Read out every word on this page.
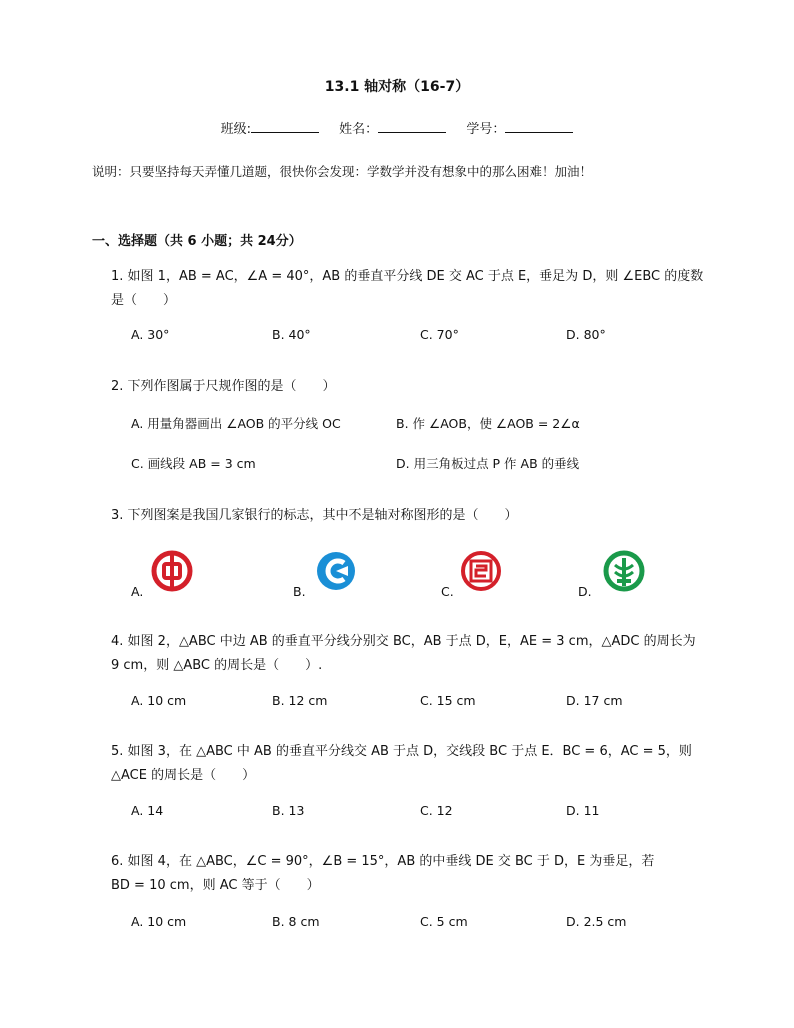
13.1 轴对称（16-7）
班级:	姓名：	学号：
说明：只要坚持每天弄懂几道题，很快你会发现：学数学并没有想象中的那么困难！加油！
一、选择题（共 6 小题；共 24分）
1. 如图 1，AB = AC，∠A = 40°，AB 的垂直平分线 DE 交 AC 于点 E，垂足为 D，则 ∠EBC 的度数
是（　　）
A. 30°	B. 40°	C. 70°	D. 80°
2. 下列作图属于尺规作图的是（　　）
A. 用量角器画出 ∠AOB 的平分线 OC	B. 作 ∠AOB，使 ∠AOB = 2∠α
C. 画线段 AB = 3 cm	D. 用三角板过点 P 作 AB 的垂线
3. 下列图案是我国几家银行的标志，其中不是轴对称图形的是（　　）
A.	B.	C.	D.
4. 如图 2，△ABC 中边 AB 的垂直平分线分别交 BC，AB 于点 D，E，AE = 3 cm，△ADC 的周长为
9 cm，则 △ABC 的周长是（　　）.
A. 10 cm	B. 12 cm	C. 15 cm	D. 17 cm
5. 如图 3，在 △ABC 中 AB 的垂直平分线交 AB 于点 D，交线段 BC 于点 E．BC = 6，AC = 5，则
△ACE 的周长是（　　）
A. 14	B. 13	C. 12	D. 11
6. 如图 4，在 △ABC，∠C = 90°，∠B = 15°，AB 的中垂线 DE 交 BC 于 D，E 为垂足，若
BD = 10 cm，则 AC 等于（　　）
A. 10 cm	B. 8 cm	C. 5 cm	D. 2.5 cm
